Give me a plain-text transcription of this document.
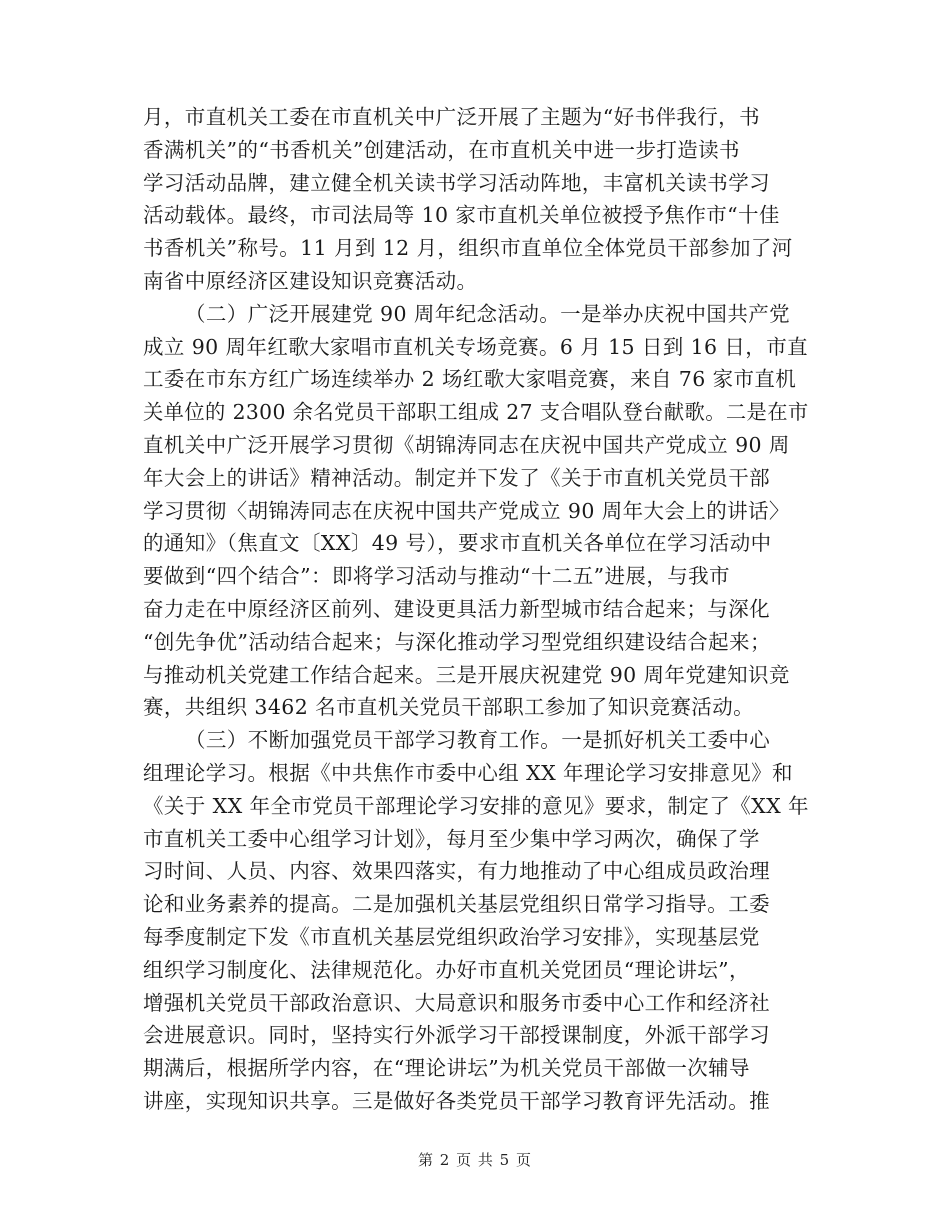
月，市直机关工委在市直机关中广泛开展了主题为“好书伴我行，书
香满机关”的“书香机关”创建活动，在市直机关中进一步打造读书
学习活动品牌，建立健全机关读书学习活动阵地，丰富机关读书学习
活动载体。最终，市司法局等 10 家市直机关单位被授予焦作市“十佳
书香机关”称号。11 月到 12 月，组织市直单位全体党员干部参加了河
南省中原经济区建设知识竞赛活动。
（二）广泛开展建党 90 周年纪念活动。一是举办庆祝中国共产党
成立 90 周年红歌大家唱市直机关专场竞赛。6 月 15 日到 16 日，市直
工委在市东方红广场连续举办 2 场红歌大家唱竞赛，来自 76 家市直机
关单位的 2300 余名党员干部职工组成 27 支合唱队登台献歌。二是在市
直机关中广泛开展学习贯彻《胡锦涛同志在庆祝中国共产党成立 90 周
年大会上的讲话》精神活动。制定并下发了《关于市直机关党员干部
学习贯彻〈胡锦涛同志在庆祝中国共产党成立 90 周年大会上的讲话〉
的通知》（焦直文〔XX〕49 号），要求市直机关各单位在学习活动中
要做到“四个结合”：即将学习活动与推动“十二五”进展，与我市
奋力走在中原经济区前列、建设更具活力新型城市结合起来；与深化
“创先争优”活动结合起来；与深化推动学习型党组织建设结合起来；
与推动机关党建工作结合起来。三是开展庆祝建党 90 周年党建知识竞
赛，共组织 3462 名市直机关党员干部职工参加了知识竞赛活动。
（三）不断加强党员干部学习教育工作。一是抓好机关工委中心
组理论学习。根据《中共焦作市委中心组 XX 年理论学习安排意见》和
《关于 XX 年全市党员干部理论学习安排的意见》要求，制定了《XX 年
市直机关工委中心组学习计划》，每月至少集中学习两次，确保了学
习时间、人员、内容、效果四落实，有力地推动了中心组成员政治理
论和业务素养的提高。二是加强机关基层党组织日常学习指导。工委
每季度制定下发《市直机关基层党组织政治学习安排》，实现基层党
组织学习制度化、法律规范化。办好市直机关党团员“理论讲坛”，
增强机关党员干部政治意识、大局意识和服务市委中心工作和经济社
会进展意识。同时，坚持实行外派学习干部授课制度，外派干部学习
期满后，根据所学内容，在“理论讲坛”为机关党员干部做一次辅导
讲座，实现知识共享。三是做好各类党员干部学习教育评先活动。推
第 2 页 共 5 页
